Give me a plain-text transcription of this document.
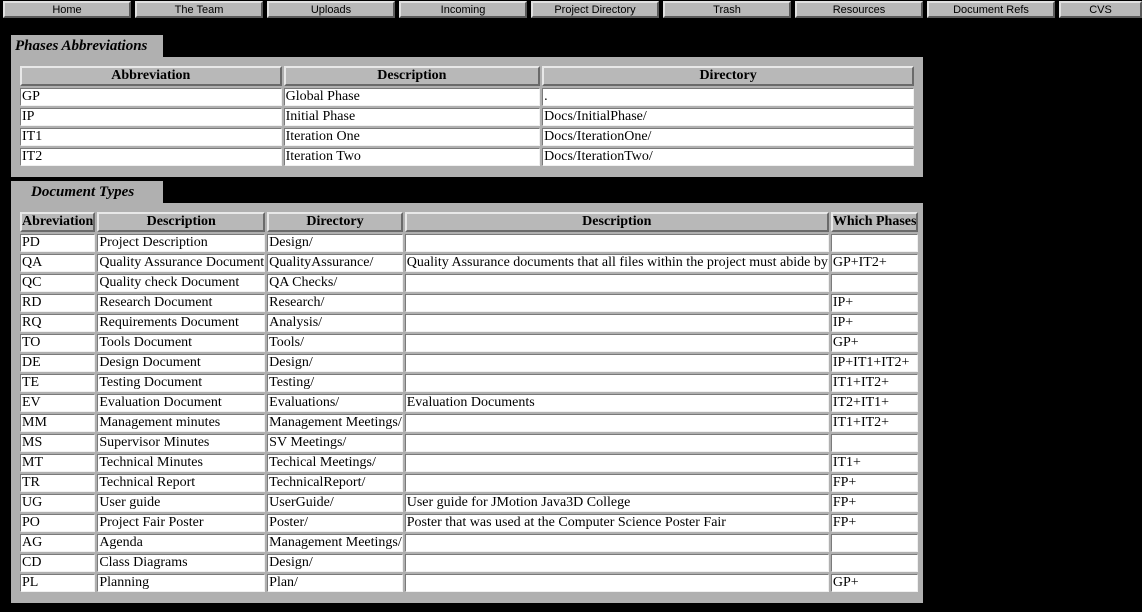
Home	The Team	Uploads	Incoming	Project Directory	Trash	Resources	Document Refs	CVS
Phases Abbreviations
Abbreviation	Description	Directory
GP	Global Phase	.
IP	Initial Phase	Docs/InitialPhase/
IT1	Iteration One	Docs/IterationOne/
IT2	Iteration Two	Docs/IterationTwo/
Document Types
Abreviation	Description	Directory	Description	Which Phases
PD	Project Description	Design/		
QA	Quality Assurance Document	QualityAssurance/	Quality Assurance documents that all files within the project must abide by	GP+IT2+
QC	Quality check Document	QA Checks/		
RD	Research Document	Research/		IP+
RQ	Requirements Document	Analysis/		IP+
TO	Tools Document	Tools/		GP+
DE	Design Document	Design/		IP+IT1+IT2+
TE	Testing Document	Testing/		IT1+IT2+
EV	Evaluation Document	Evaluations/	Evaluation Documents	IT2+IT1+
MM	Management minutes	Management Meetings/		IT1+IT2+
MS	Supervisor Minutes	SV Meetings/		
MT	Technical Minutes	Techical Meetings/		IT1+
TR	Technical Report	TechnicalReport/		FP+
UG	User guide	UserGuide/	User guide for JMotion Java3D College	FP+
PO	Project Fair Poster	Poster/	Poster that was used at the Computer Science Poster Fair	FP+
AG	Agenda	Management Meetings/		
CD	Class Diagrams	Design/		
PL	Planning	Plan/		GP+
